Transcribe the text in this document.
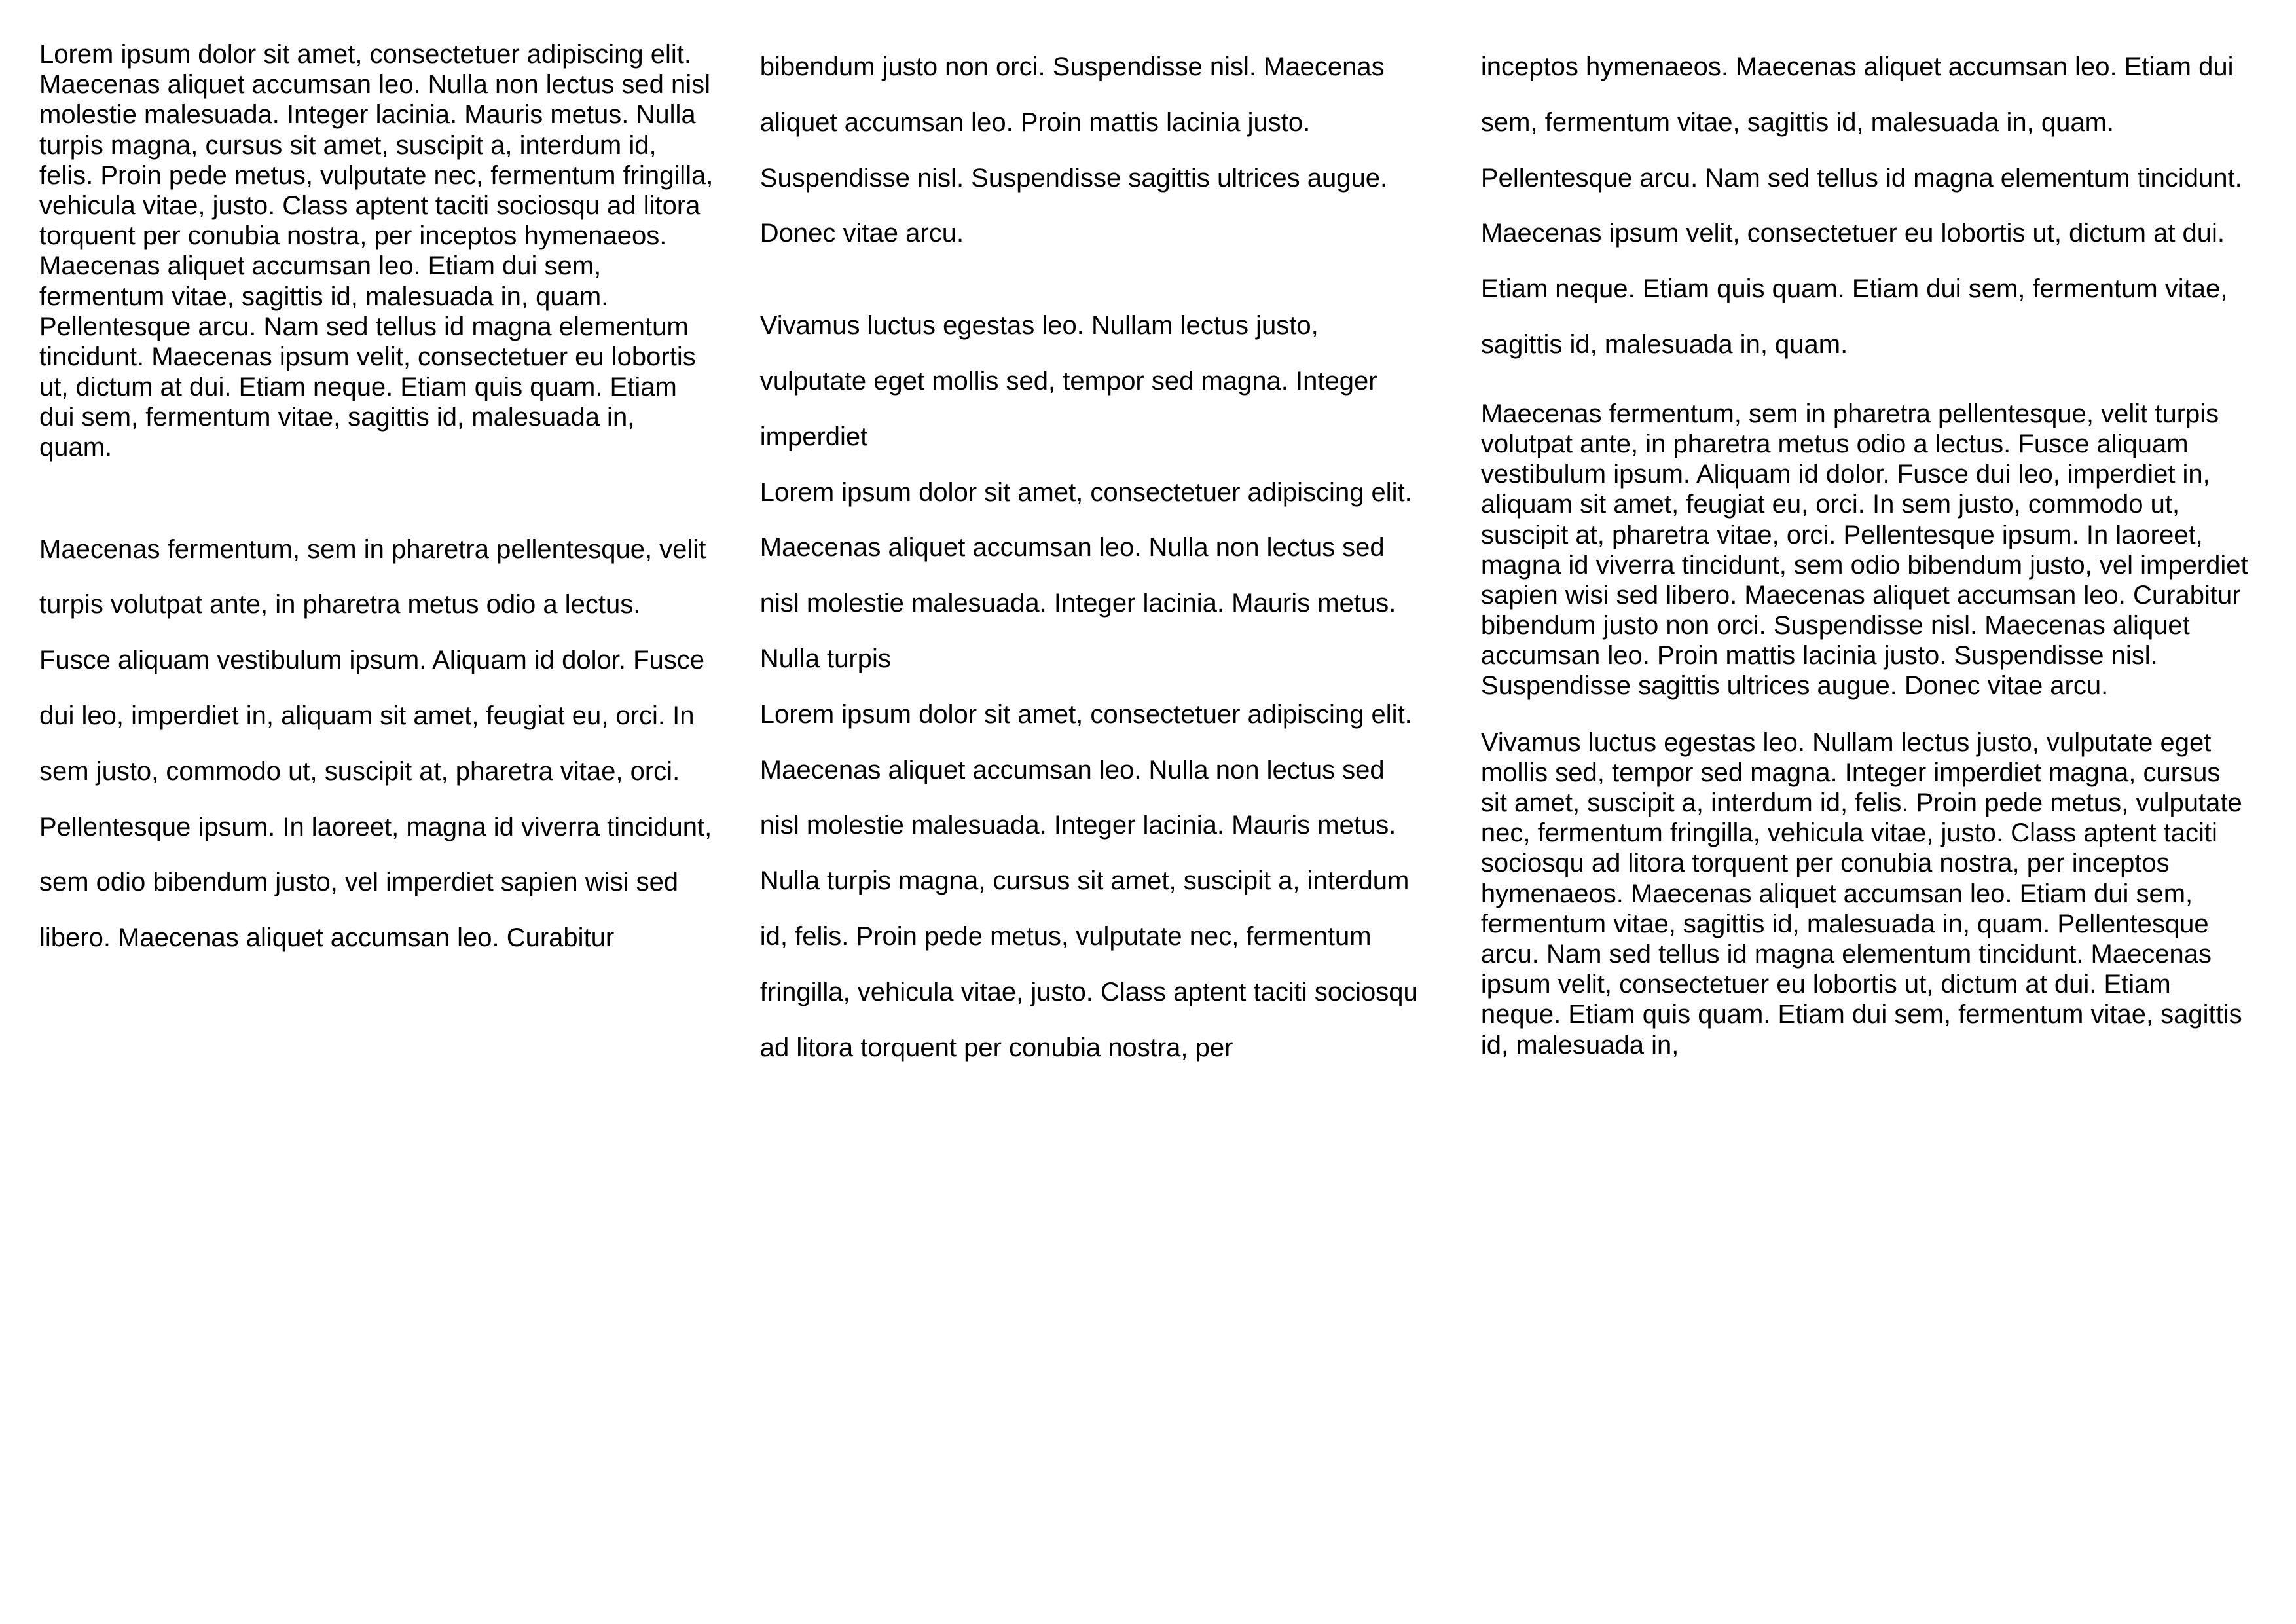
Lorem ipsum dolor sit amet, consectetuer adipiscing elit. Maecenas aliquet accumsan leo. Nulla non lectus sed nisl molestie malesuada. Integer lacinia. Mauris metus. Nulla turpis magna, cursus sit amet, suscipit a, interdum id, felis. Proin pede metus, vulputate nec, fermentum fringilla, vehicula vitae, justo. Class aptent taciti sociosqu ad litora torquent per conubia nostra, per inceptos hymenaeos. Maecenas aliquet accumsan leo. Etiam dui sem, fermentum vitae, sagittis id, malesuada in, quam. Pellentesque arcu. Nam sed tellus id magna elementum tincidunt. Maecenas ipsum velit, consectetuer eu lobortis ut, dictum at dui. Etiam neque. Etiam quis quam. Etiam dui sem, fermentum vitae, sagittis id, malesuada in, quam.

Maecenas fermentum, sem in pharetra pellentesque, velit turpis volutpat ante, in pharetra metus odio a lectus. Fusce aliquam vestibulum ipsum. Aliquam id dolor. Fusce dui leo, imperdiet in, aliquam sit amet, feugiat eu, orci. In sem justo, commodo ut, suscipit at, pharetra vitae, orci. Pellentesque ipsum. In laoreet, magna id viverra tincidunt, sem odio bibendum justo, vel imperdiet sapien wisi sed libero. Maecenas aliquet accumsan leo. Curabitur

bibendum justo non orci. Suspendisse nisl. Maecenas aliquet accumsan leo. Proin mattis lacinia justo. Suspendisse nisl. Suspendisse sagittis ultrices augue. Donec vitae arcu.

Vivamus luctus egestas leo. Nullam lectus justo, vulputate eget mollis sed, tempor sed magna. Integer imperdiet

Lorem ipsum dolor sit amet, consectetuer adipiscing elit. Maecenas aliquet accumsan leo. Nulla non lectus sed nisl molestie malesuada. Integer lacinia. Mauris metus. Nulla turpis

Lorem ipsum dolor sit amet, consectetuer adipiscing elit. Maecenas aliquet accumsan leo. Nulla non lectus sed nisl molestie malesuada. Integer lacinia. Mauris metus. Nulla turpis magna, cursus sit amet, suscipit a, interdum id, felis. Proin pede metus, vulputate nec, fermentum fringilla, vehicula vitae, justo. Class aptent taciti sociosqu ad litora torquent per conubia nostra, per

inceptos hymenaeos. Maecenas aliquet accumsan leo. Etiam dui sem, fermentum vitae, sagittis id, malesuada in, quam. Pellentesque arcu. Nam sed tellus id magna elementum tincidunt. Maecenas ipsum velit, consectetuer eu lobortis ut, dictum at dui. Etiam neque. Etiam quis quam. Etiam dui sem, fermentum vitae, sagittis id, malesuada in, quam.

Maecenas fermentum, sem in pharetra pellentesque, velit turpis volutpat ante, in pharetra metus odio a lectus. Fusce aliquam vestibulum ipsum. Aliquam id dolor. Fusce dui leo, imperdiet in, aliquam sit amet, feugiat eu, orci. In sem justo, commodo ut, suscipit at, pharetra vitae, orci. Pellentesque ipsum. In laoreet, magna id viverra tincidunt, sem odio bibendum justo, vel imperdiet sapien wisi sed libero. Maecenas aliquet accumsan leo. Curabitur bibendum justo non orci. Suspendisse nisl. Maecenas aliquet accumsan leo. Proin mattis lacinia justo. Suspendisse nisl. Suspendisse sagittis ultrices augue. Donec vitae arcu.

Vivamus luctus egestas leo. Nullam lectus justo, vulputate eget mollis sed, tempor sed magna. Integer imperdiet magna, cursus sit amet, suscipit a, interdum id, felis. Proin pede metus, vulputate nec, fermentum fringilla, vehicula vitae, justo. Class aptent taciti sociosqu ad litora torquent per conubia nostra, per inceptos hymenaeos. Maecenas aliquet accumsan leo. Etiam dui sem, fermentum vitae, sagittis id, malesuada in, quam. Pellentesque arcu. Nam sed tellus id magna elementum tincidunt. Maecenas ipsum velit, consectetuer eu lobortis ut, dictum at dui. Etiam neque. Etiam quis quam. Etiam dui sem, fermentum vitae, sagittis id, malesuada in,
